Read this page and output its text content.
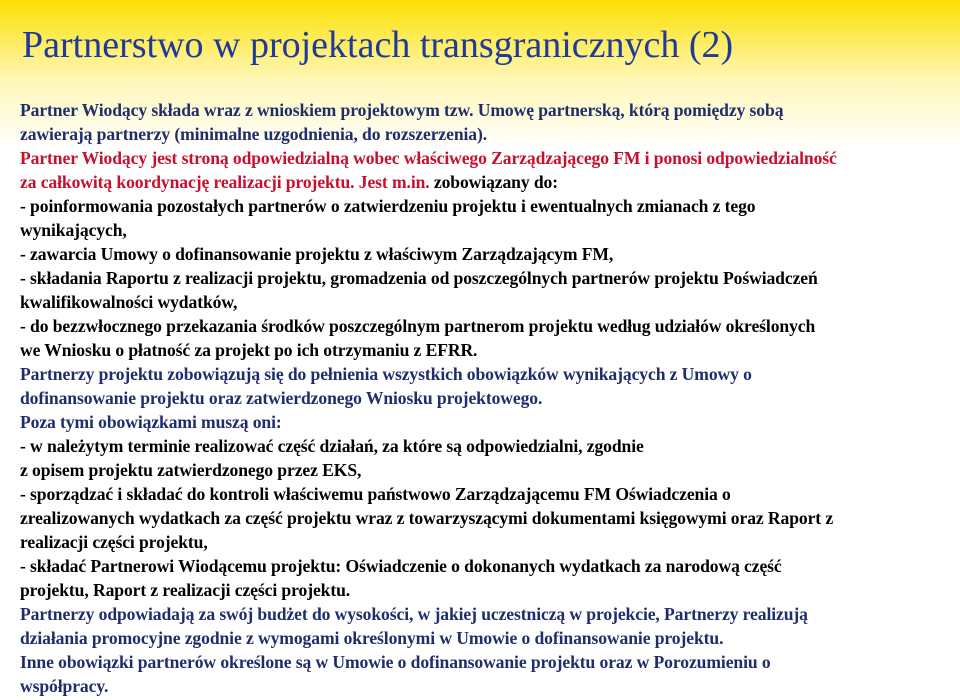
Partnerstwo w projektach transgranicznych (2)
Partner Wiodący składa wraz z wnioskiem projektowym tzw. Umowę partnerską, którą pomiędzy sobą
zawierają partnerzy (minimalne uzgodnienia, do rozszerzenia).
Partner Wiodący jest stroną odpowiedzialną wobec właściwego Zarządzającego FM i ponosi odpowiedzialność
za całkowitą koordynację realizacji projektu. Jest m.in. zobowiązany do:
- poinformowania pozostałych partnerów o zatwierdzeniu projektu i ewentualnych zmianach z tego
wynikających,
- zawarcia Umowy o dofinansowanie projektu z właściwym Zarządzającym FM,
- składania Raportu z realizacji projektu, gromadzenia od poszczególnych partnerów projektu Poświadczeń
kwalifikowalności wydatków,
- do bezzwłocznego przekazania środków poszczególnym partnerom projektu według udziałów określonych
we Wniosku o płatność za projekt po ich otrzymaniu z EFRR.
Partnerzy projektu zobowiązują się do pełnienia wszystkich obowiązków wynikających z Umowy o
dofinansowanie projektu oraz zatwierdzonego Wniosku projektowego.
Poza tymi obowiązkami muszą oni:
- w należytym terminie realizować część działań, za które są odpowiedzialni, zgodnie
z opisem projektu zatwierdzonego przez EKS,
- sporządzać i składać do kontroli właściwemu państwowo Zarządzającemu FM Oświadczenia o
zrealizowanych wydatkach za część projektu wraz z towarzyszącymi dokumentami księgowymi oraz Raport z
realizacji części projektu,
- składać Partnerowi Wiodącemu projektu: Oświadczenie o dokonanych wydatkach za narodową część
projektu, Raport z realizacji części projektu.
Partnerzy odpowiadają za swój budżet do wysokości, w jakiej uczestniczą w projekcie, Partnerzy realizują
działania promocyjne zgodnie z wymogami określonymi w Umowie o dofinansowanie projektu.
Inne obowiązki partnerów określone są w Umowie o dofinansowanie projektu oraz w Porozumieniu o
współpracy.
